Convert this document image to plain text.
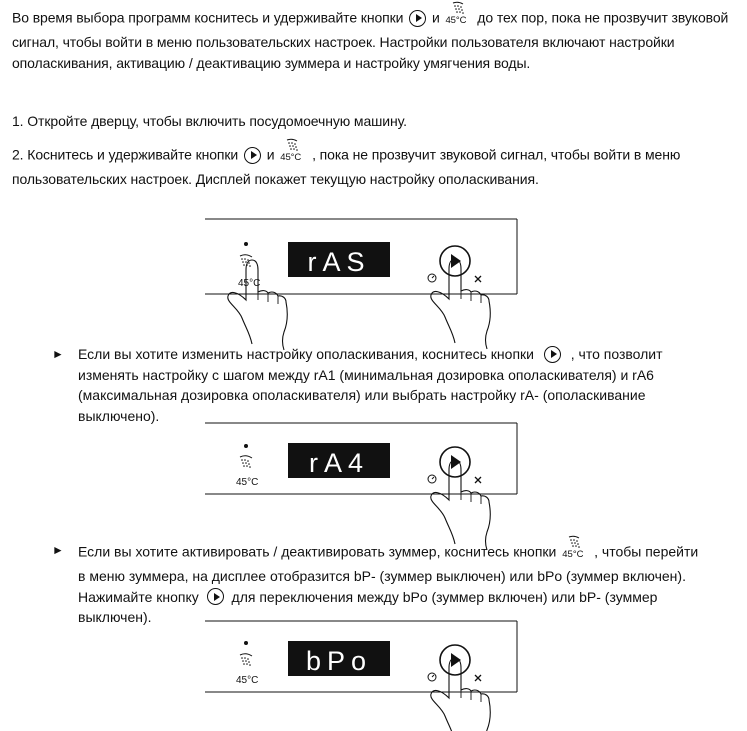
Во время выбора программ коснитесь и удерживайте кнопки и 45°C до тех пор, пока не прозвучит звуковой сигнал, чтобы войти в меню пользовательских настроек. Настройки пользователя включают настройки ополаскивания, активацию / деактивацию зуммера и настройку умягчения воды.
1. Откройте дверцу, чтобы включить посудомоечную машину.
2. Коснитесь и удерживайте кнопки и 45°C , пока не прозвучит звуковой сигнал, чтобы войти в меню пользовательских настроек. Дисплей покажет текущую настройку ополаскивания.
45°C
rAS
45°C
rA4
45°C
bPo
► Если вы хотите изменить настройку ополаскивания, коснитесь кнопки	, что позволит изменять настройку с шагом между rA1 (минимальная дозировка ополаскивателя) и rA6 (максимальная дозировка ополаскивателя) или выбрать настройку rA- (ополаскивание выключено).
► Если вы хотите активировать / деактивировать зуммер, коснитесь кнопки 45°C , чтобы перейти в меню зуммера, на дисплее отобразится bP- (зуммер выключен) или bPo (зуммер включен). Нажимайте кнопку для переключения между bPo (зуммер включен) или bP- (зуммер выключен).
